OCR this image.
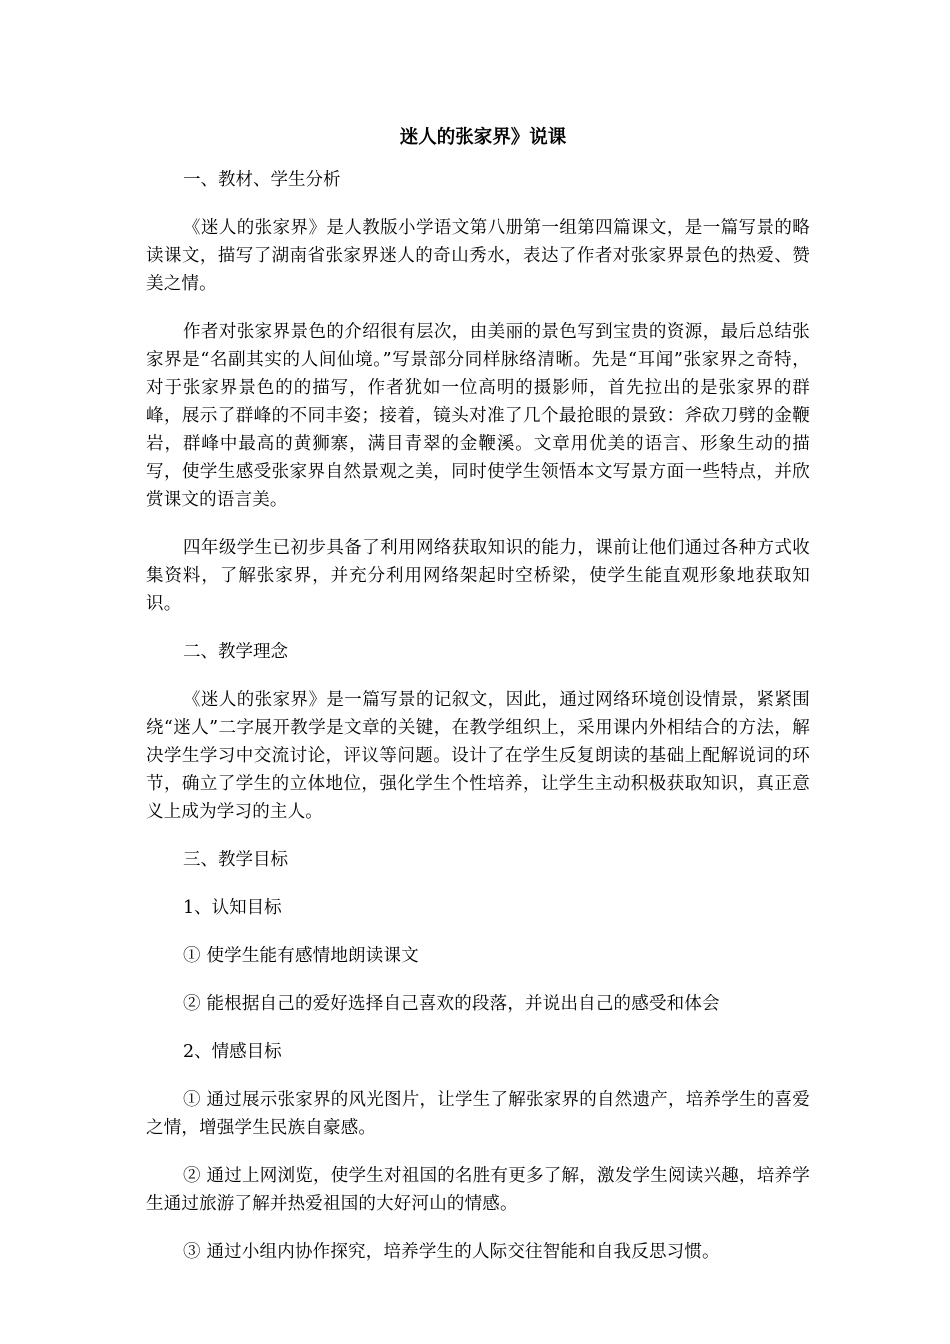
迷人的张家界》说课
一、教材、学生分析
《迷人的张家界》是人教版小学语文第八册第一组第四篇课文，是一篇写景的略读课文，描写了湖南省张家界迷人的奇山秀水，表达了作者对张家界景色的热爱、赞美之情。
作者对张家界景色的介绍很有层次，由美丽的景色写到宝贵的资源，最后总结张家界是“名副其实的人间仙境。”写景部分同样脉络清晰。先是“耳闻”张家界之奇特，对于张家界景色的的描写，作者犹如一位高明的摄影师，首先拉出的是张家界的群峰，展示了群峰的不同丰姿；接着，镜头对准了几个最抢眼的景致：斧砍刀劈的金鞭岩，群峰中最高的黄狮寨，满目青翠的金鞭溪。文章用优美的语言、形象生动的描写，使学生感受张家界自然景观之美，同时使学生领悟本文写景方面一些特点，并欣赏课文的语言美。
四年级学生已初步具备了利用网络获取知识的能力，课前让他们通过各种方式收集资料，了解张家界，并充分利用网络架起时空桥梁，使学生能直观形象地获取知识。
二、教学理念
《迷人的张家界》是一篇写景的记叙文，因此，通过网络环境创设情景，紧紧围绕“迷人”二字展开教学是文章的关键，在教学组织上，采用课内外相结合的方法，解决学生学习中交流讨论，评议等问题。设计了在学生反复朗读的基础上配解说词的环节，确立了学生的立体地位，强化学生个性培养，让学生主动积极获取知识，真正意义上成为学习的主人。
三、教学目标
1、认知目标
① 使学生能有感情地朗读课文
② 能根据自己的爱好选择自己喜欢的段落，并说出自己的感受和体会
2、情感目标
① 通过展示张家界的风光图片，让学生了解张家界的自然遗产，培养学生的喜爱之情，增强学生民族自豪感。
② 通过上网浏览，使学生对祖国的名胜有更多了解，激发学生阅读兴趣，培养学生通过旅游了解并热爱祖国的大好河山的情感。
③ 通过小组内协作探究，培养学生的人际交往智能和自我反思习惯。
